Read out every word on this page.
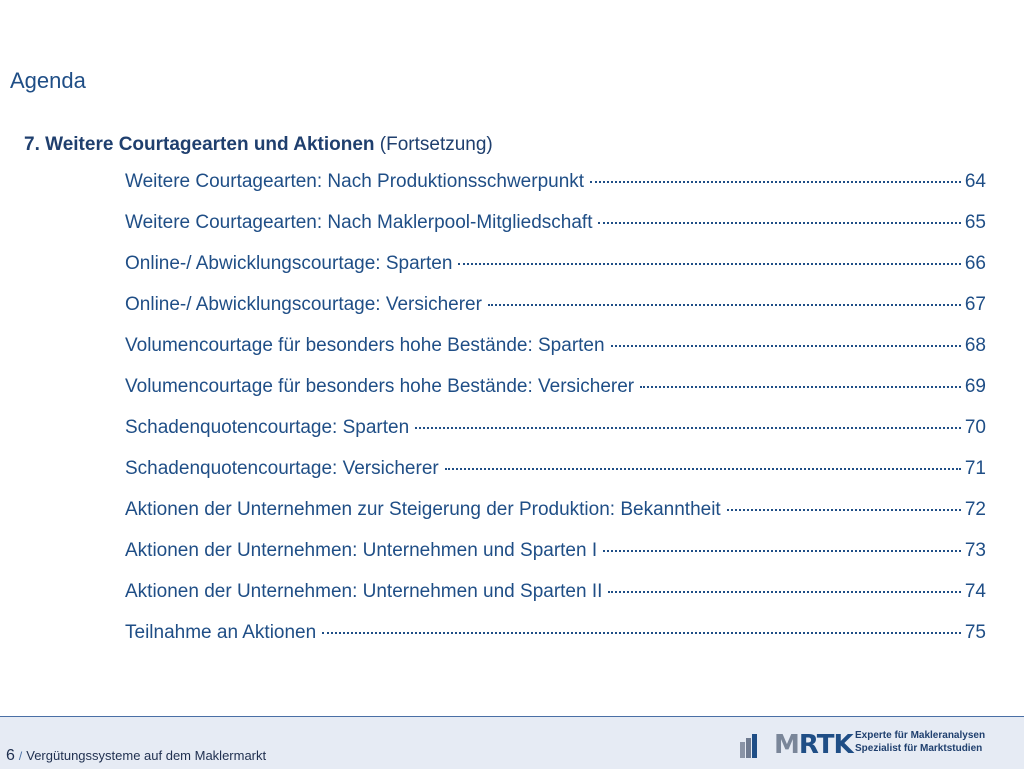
Agenda
7. Weitere Courtagearten und Aktionen (Fortsetzung)
Weitere Courtagearten: Nach Produktionsschwerpunkt	64
Weitere Courtagearten: Nach Maklerpool-Mitgliedschaft	65
Online-/ Abwicklungscourtage: Sparten	66
Online-/ Abwicklungscourtage: Versicherer	67
Volumencourtage für besonders hohe Bestände: Sparten	68
Volumencourtage für besonders hohe Bestände: Versicherer	69
Schadenquotencourtage: Sparten	70
Schadenquotencourtage: Versicherer	71
Aktionen der Unternehmen zur Steigerung der Produktion: Bekanntheit	72
Aktionen der Unternehmen: Unternehmen und Sparten I	73
Aktionen der Unternehmen: Unternehmen und Sparten II	74
Teilnahme an Aktionen	75
6 / Vergütungssysteme auf dem Maklermarkt	MRTK Experte für Makleranalysen
Spezialist für Marktstudien
